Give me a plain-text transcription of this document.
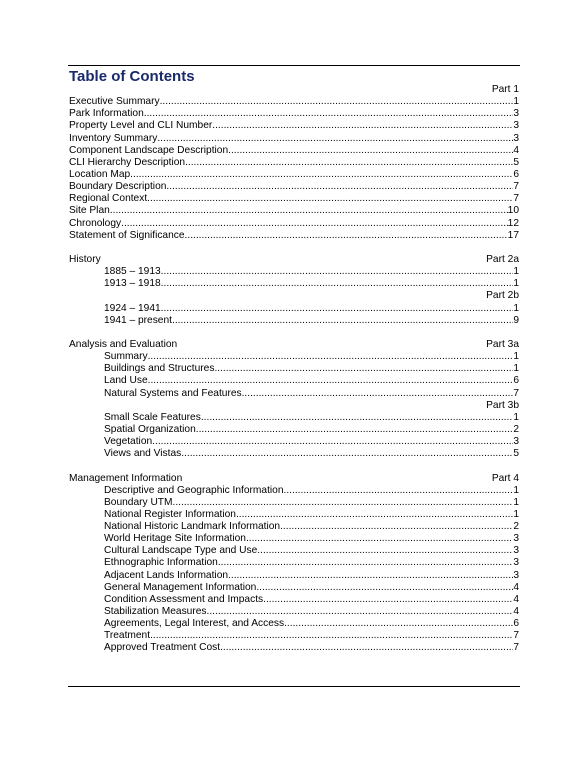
Table of Contents
Part 1
Executive Summary .....	1
Park Information .....	3
Property Level and CLI Number .....	3
Inventory Summary .....	3
Component Landscape Description .....	4
CLI Hierarchy Description .....	5
Location Map .....	6
Boundary Description .....	7
Regional Context .....	7
Site Plan .....	10
Chronology .....	12
Statement of Significance .....	17
History	Part 2a
1885 – 1913 .....	1
1913 – 1918 .....	1
Part 2b
1924 – 1941 .....	1
1941 – present .....	9
Analysis and Evaluation	Part 3a
Summary .....	1
Buildings and Structures .....	1
Land Use .....	6
Natural Systems and Features .....	7
Part 3b
Small Scale Features .....	1
Spatial Organization .....	2
Vegetation .....	3
Views and Vistas .....	5
Management Information	Part 4
Descriptive and Geographic Information .....	1
Boundary UTM .....	1
National Register Information .....	1
National Historic Landmark Information .....	2
World Heritage Site Information .....	3
Cultural Landscape Type and Use .....	3
Ethnographic Information .....	3
Adjacent Lands Information .....	3
General Management Information .....	4
Condition Assessment and Impacts .....	4
Stabilization Measures .....	4
Agreements, Legal Interest, and Access .....	6
Treatment .....	7
Approved Treatment Cost .....	7
